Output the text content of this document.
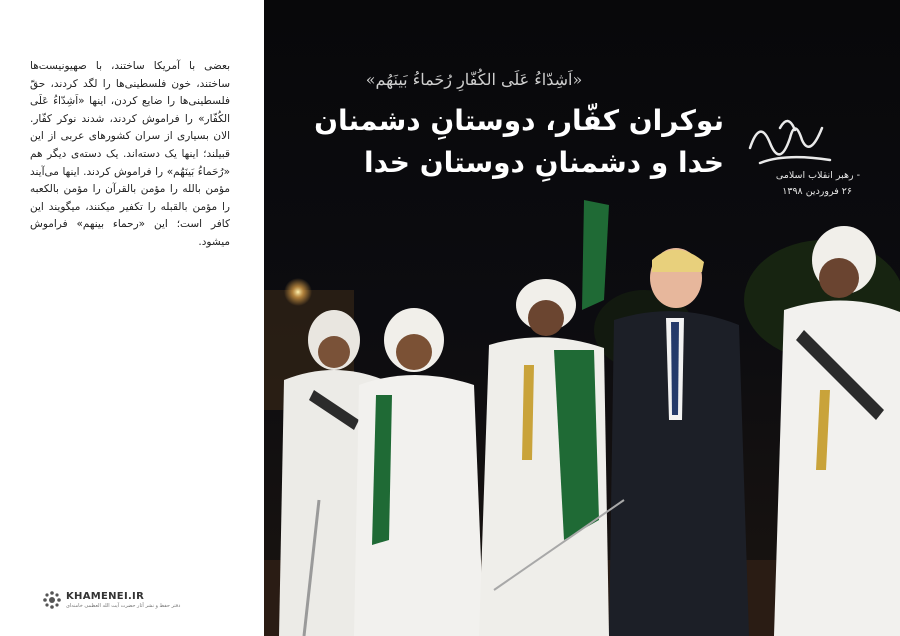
بعضی با آمریکا ساختند، با صهیونیست‌ها ساختند، خون فلسطینی‌ها را لگد کردند، حقّ فلسطینی‌ها را ضایع کردن، اینها «اَشِدّاءُ عَلَی الکُفّار» را فراموش کردند، شدند نوکر کفّار. الان بسیاری از سران کشورهای عربی از این قبیلند؛ اینها یک دسته‌اند. یک دسته‌ی دیگر هم «رُحَماءُ بَینَهُم» را فراموش کردند. اینها می‌آیند مؤمن بالله را مؤمن بالقرآن را مؤمن بالکعبه را مؤمن بالقبله را تکفیر میکنند، میگویند این کافر است؛ این «رحماء بینهم» فراموش میشود.
KHAMENEI.IR
دفتر حفظ و نشر آثار حضرت آیت الله العظمی خامنه‌ای
«اَشِدّاءُ عَلَی الکُفّارِ رُحَماءُ بَینَهُم»
نوکران کفّار، دوستانِ دشمنان خدا و دشمنانِ دوستان خدا	- رهبر انقلاب اسلامی
۲۶ فروردین ۱۳۹۸
